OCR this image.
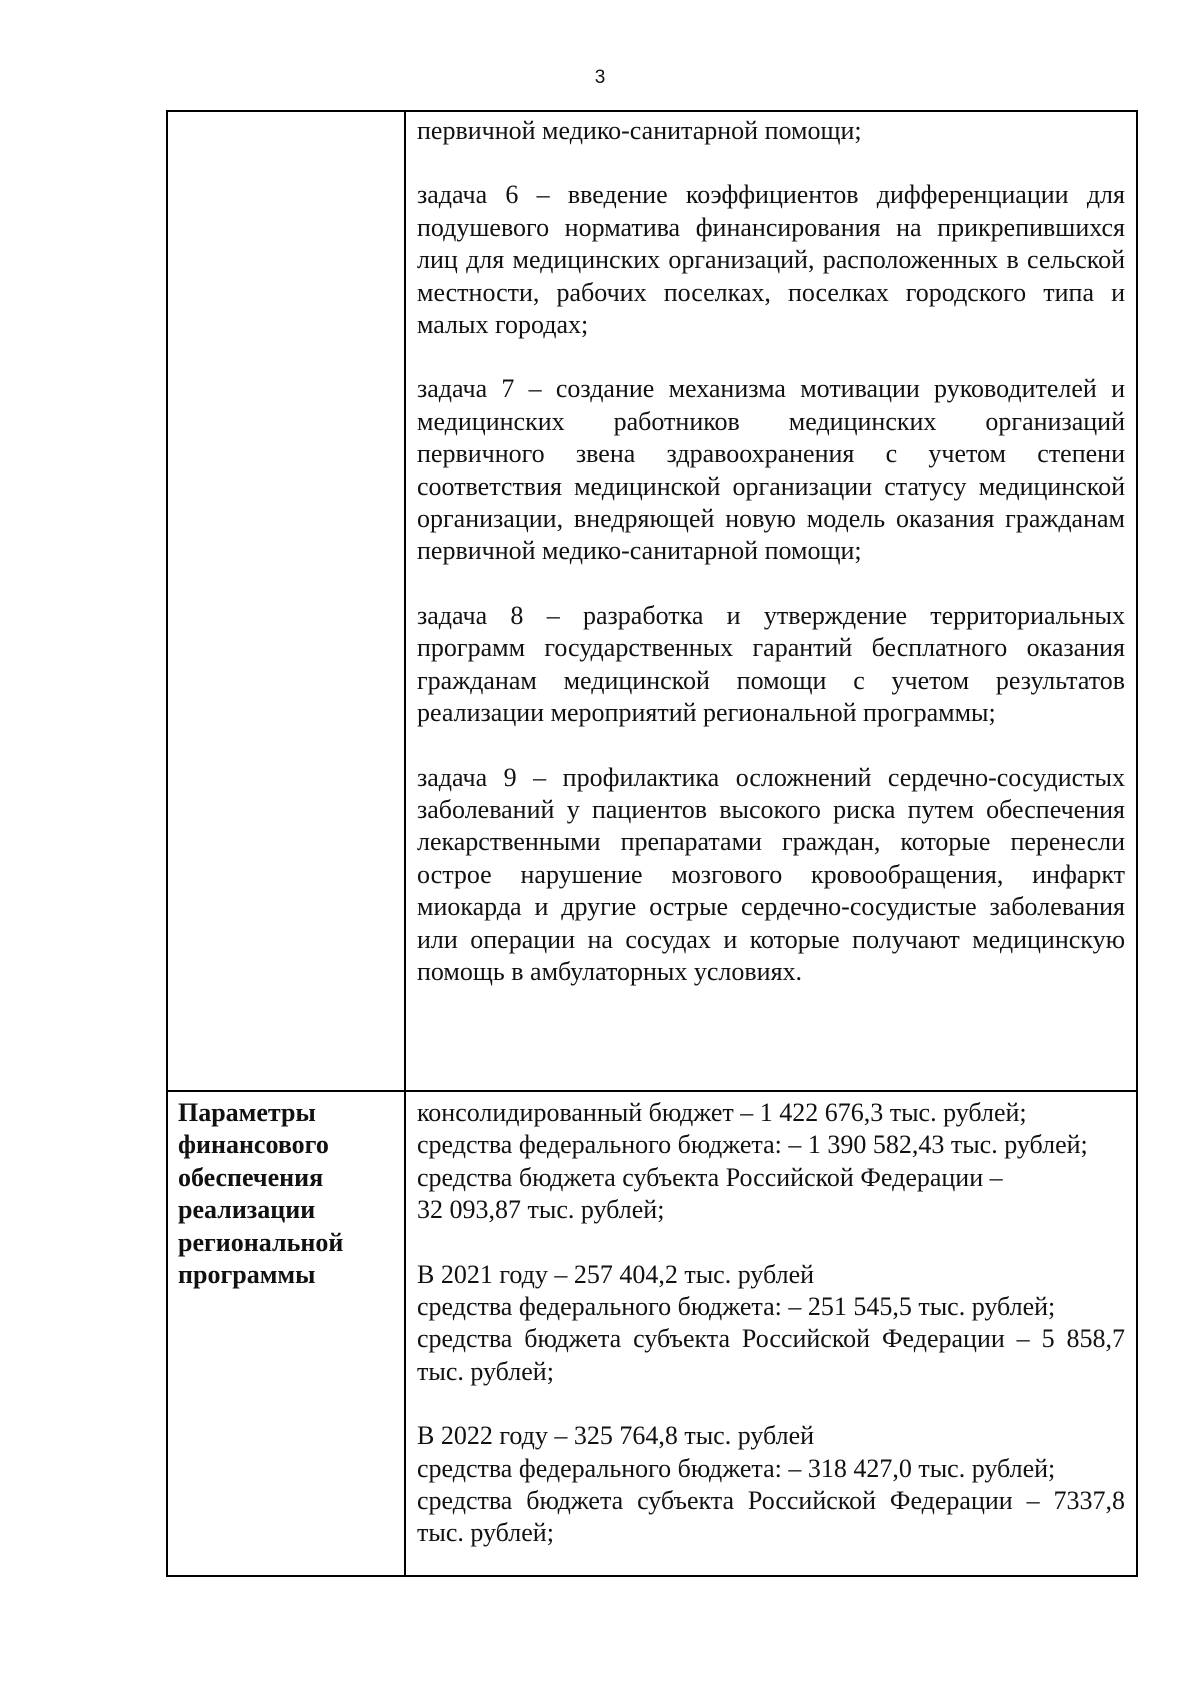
3

первичной медико-санитарной помощи;

задача 6 – введение коэффициентов дифференциации для подушевого норматива финансирования на прикрепившихся лиц для медицинских организаций, расположенных в сельской местности, рабочих поселках, поселках городского типа и малых городах;

задача 7 – создание механизма мотивации руководителей и медицинских работников медицинских организаций первичного звена здравоохранения с учетом степени соответствия медицинской организации статусу медицинской организации, внедряющей новую модель оказания гражданам первичной медико-санитарной помощи;

задача 8 – разработка и утверждение территориальных программ государственных гарантий бесплатного оказания гражданам медицинской помощи с учетом результатов реализации мероприятий региональной программы;

задача 9 – профилактика осложнений сердечно-сосудистых заболеваний у пациентов высокого риска путем обеспечения лекарственными препаратами граждан, которые перенесли острое нарушение мозгового кровообращения, инфаркт миокарда и другие острые сердечно-сосудистые заболевания или операции на сосудах и которые получают медицинскую помощь в амбулаторных условиях.

Параметры
финансового
обеспечения
реализации
региональной
программы
консолидированный бюджет – 1 422 676,3 тыс. рублей;
средства федерального бюджета: – 1 390 582,43 тыс. рублей;
средства бюджета субъекта Российской Федерации –
32 093,87 тыс. рублей;
В 2021 году – 257 404,2 тыс. рублей
средства федерального бюджета: – 251 545,5 тыс. рублей;
средства бюджета субъекта Российской Федерации – 5 858,7 тыс. рублей;
В 2022 году – 325 764,8 тыс. рублей
средства федерального бюджета: – 318 427,0 тыс. рублей;
средства бюджета субъекта Российской Федерации – 7337,8 тыс. рублей;
